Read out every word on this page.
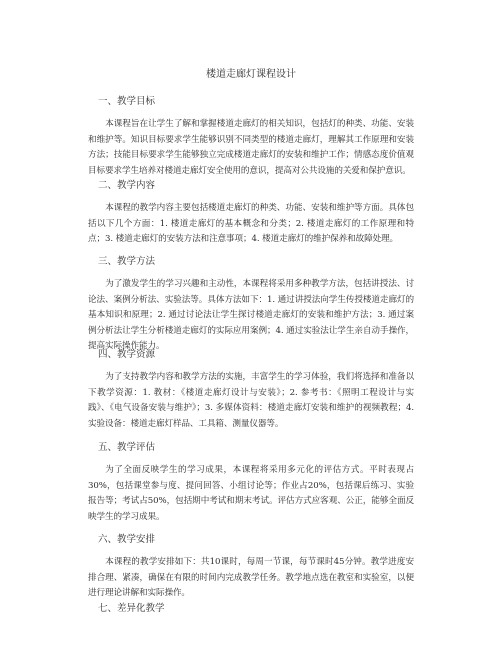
楼道走廊灯课程设计
一、教学目标

本课程旨在让学生了解和掌握楼道走廊灯的相关知识，包括灯的种类、功能、安装和维护等。知识目标要求学生能够识别不同类型的楼道走廊灯，理解其工作原理和安装方法；技能目标要求学生能够独立完成楼道走廊灯的安装和维护工作；情感态度价值观目标要求学生培养对楼道走廊灯安全使用的意识，提高对公共设施的关爱和保护意识。

二、教学内容

本课程的教学内容主要包括楼道走廊灯的种类、功能、安装和维护等方面。具体包括以下几个方面：1. 楼道走廊灯的基本概念和分类；2. 楼道走廊灯的工作原理和特点；3. 楼道走廊灯的安装方法和注意事项；4. 楼道走廊灯的维护保养和故障处理。

三、教学方法

为了激发学生的学习兴趣和主动性，本课程将采用多种教学方法，包括讲授法、讨论法、案例分析法、实验法等。具体方法如下：1. 通过讲授法向学生传授楼道走廊灯的基本知识和原理；2. 通过讨论法让学生探讨楼道走廊灯的安装和维护方法；3. 通过案例分析法让学生分析楼道走廊灯的实际应用案例；4. 通过实验法让学生亲自动手操作，提高实际操作能力。

四、教学资源

为了支持教学内容和教学方法的实施，丰富学生的学习体验，我们将选择和准备以下教学资源：1. 教材：《楼道走廊灯设计与安装》；2. 参考书：《照明工程设计与实践》、《电气设备安装与维护》；3. 多媒体资料：楼道走廊灯安装和维护的视频教程；4. 实验设备：楼道走廊灯样品、工具箱、测量仪器等。

五、教学评估

为了全面反映学生的学习成果，本课程将采用多元化的评估方式。平时表现占30%，包括课堂参与度、提问回答、小组讨论等；作业占20%，包括课后练习、实验报告等；考试占50%，包括期中考试和期末考试。评估方式应客观、公正，能够全面反映学生的学习成果。

六、教学安排

本课程的教学安排如下：共10课时，每周一节课，每节课时45分钟。教学进度安排合理、紧凑，确保在有限的时间内完成教学任务。教学地点选在教室和实验室，以便进行理论讲解和实际操作。

七、差异化教学
